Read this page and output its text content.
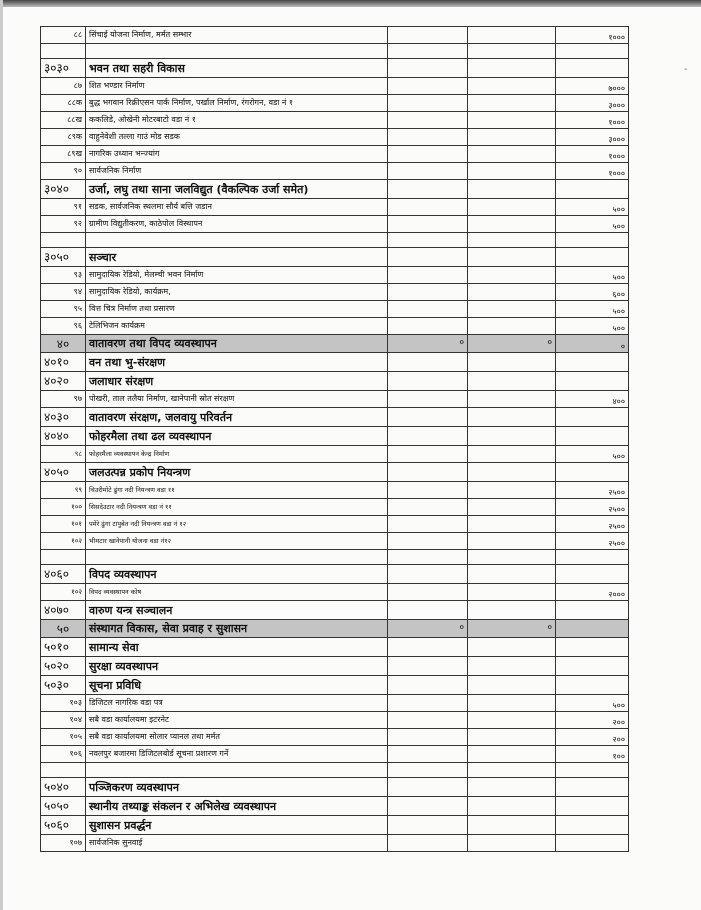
८८	सिंचाई योजना निर्माण, मर्मत सम्भार			१०००

३०३०	भवन तथा सहरी विकास			
८७	शित भण्डार निर्माण			७०००
८८क	बुद्ध भगवान रिक्रीएसन पार्क निर्माण, पर्खाल निर्माण, रंगरोगन, वडा नं १			३०००
८८ख	ककलिडे, ओखेनी मोटरबाटो वडा नं १			१०००
८९क	वाहुनेवेशी तल्ला गाउं मोड सडक			३०००
८९ख	नागरिक उध्यान भन्ज्यांग			१०००
९०	सार्वजनिक निर्माण			१०००
३०४०	उर्जा, लघु तथा साना जलविद्युत (वैकल्पिक उर्जा समेत)			
९१	सडक, सार्वजनिक स्थलमा सौर्य बत्ति जडान			५००
९२	ग्रामीण विद्युतीकरण, काठेपोल विस्थापन			५००

३०५०	सञ्चार			
९३	सामुदायिक रेडियो, मेलम्ची भवन निर्माण			५००
९४	सामुदायिक रेडियो, कार्यक्रम,			६००
९५	वित्त चित्र निर्माण तथा प्रसारण			५००
९६	टेलिभिजन कार्यक्रम			५००
४०	वातावरण तथा विपद व्यवस्थापन	०	०	०
४०१०	वन तथा भु-संरक्षण			
४०२०	जलाधार संरक्षण			
९७	पोखरी, ताल तलैया निर्माण, खानेपानी स्रोत संरक्षण			४००
४०३०	वातावरण संरक्षण, जलवायु परिवर्तन			
४०४०	फोहरमैला तथा ढल व्यवस्थापन			
९८	फोहरमैला व्यवस्थापन केन्द्र निर्माण			५००
४०५०	जलउत्पन्न प्रकोप नियन्त्रण			
९९	चिउरीमोटे ढुंगा नदी नियन्त्रण वडा ११			२५००
१००	सिसदेउटार नदी नियन्त्रण वडा नं ११			२५००
१०१	पमेरे ढुंगा टापुबेत नदी नियन्त्रण वडा नं १२			२५००
१०२	भीमटार खानेपानी योजना वडा नं१२			२५००

४०६०	विपद व्यवस्थापन			
१०२	विपद व्यवस्थापन कोष			२०००
४०७०	वारुण यन्त्र सञ्चालन			
५०	संस्थागत विकास, सेवा प्रवाह र सुशासन	०	०	
५०१०	सामान्य सेवा			
५०२०	सुरक्षा व्यवस्थापन			
५०३०	सूचना प्रविधि			
१०३	डिजिटल नागरिक वडा पत्र			५००
१०४	सबै वडा कार्यालयमा इटरनेट			२००
१०५	सबै वडा कार्यालयमा सोलार प्यानल तथा मर्मत			२००
१०६	नवलपुर बजारमा डिजिटलबोर्ड सूचना प्रशारण गर्ने			१००

५०४०	पञ्जिकरण व्यवस्थापन			
५०५०	स्थानीय तथ्याङ्क संकलन र अभिलेख व्यवस्थापन			
५०६०	सुशासन प्रवर्द्धन			
१०७	सार्वजनिक सुनवाई			
-
